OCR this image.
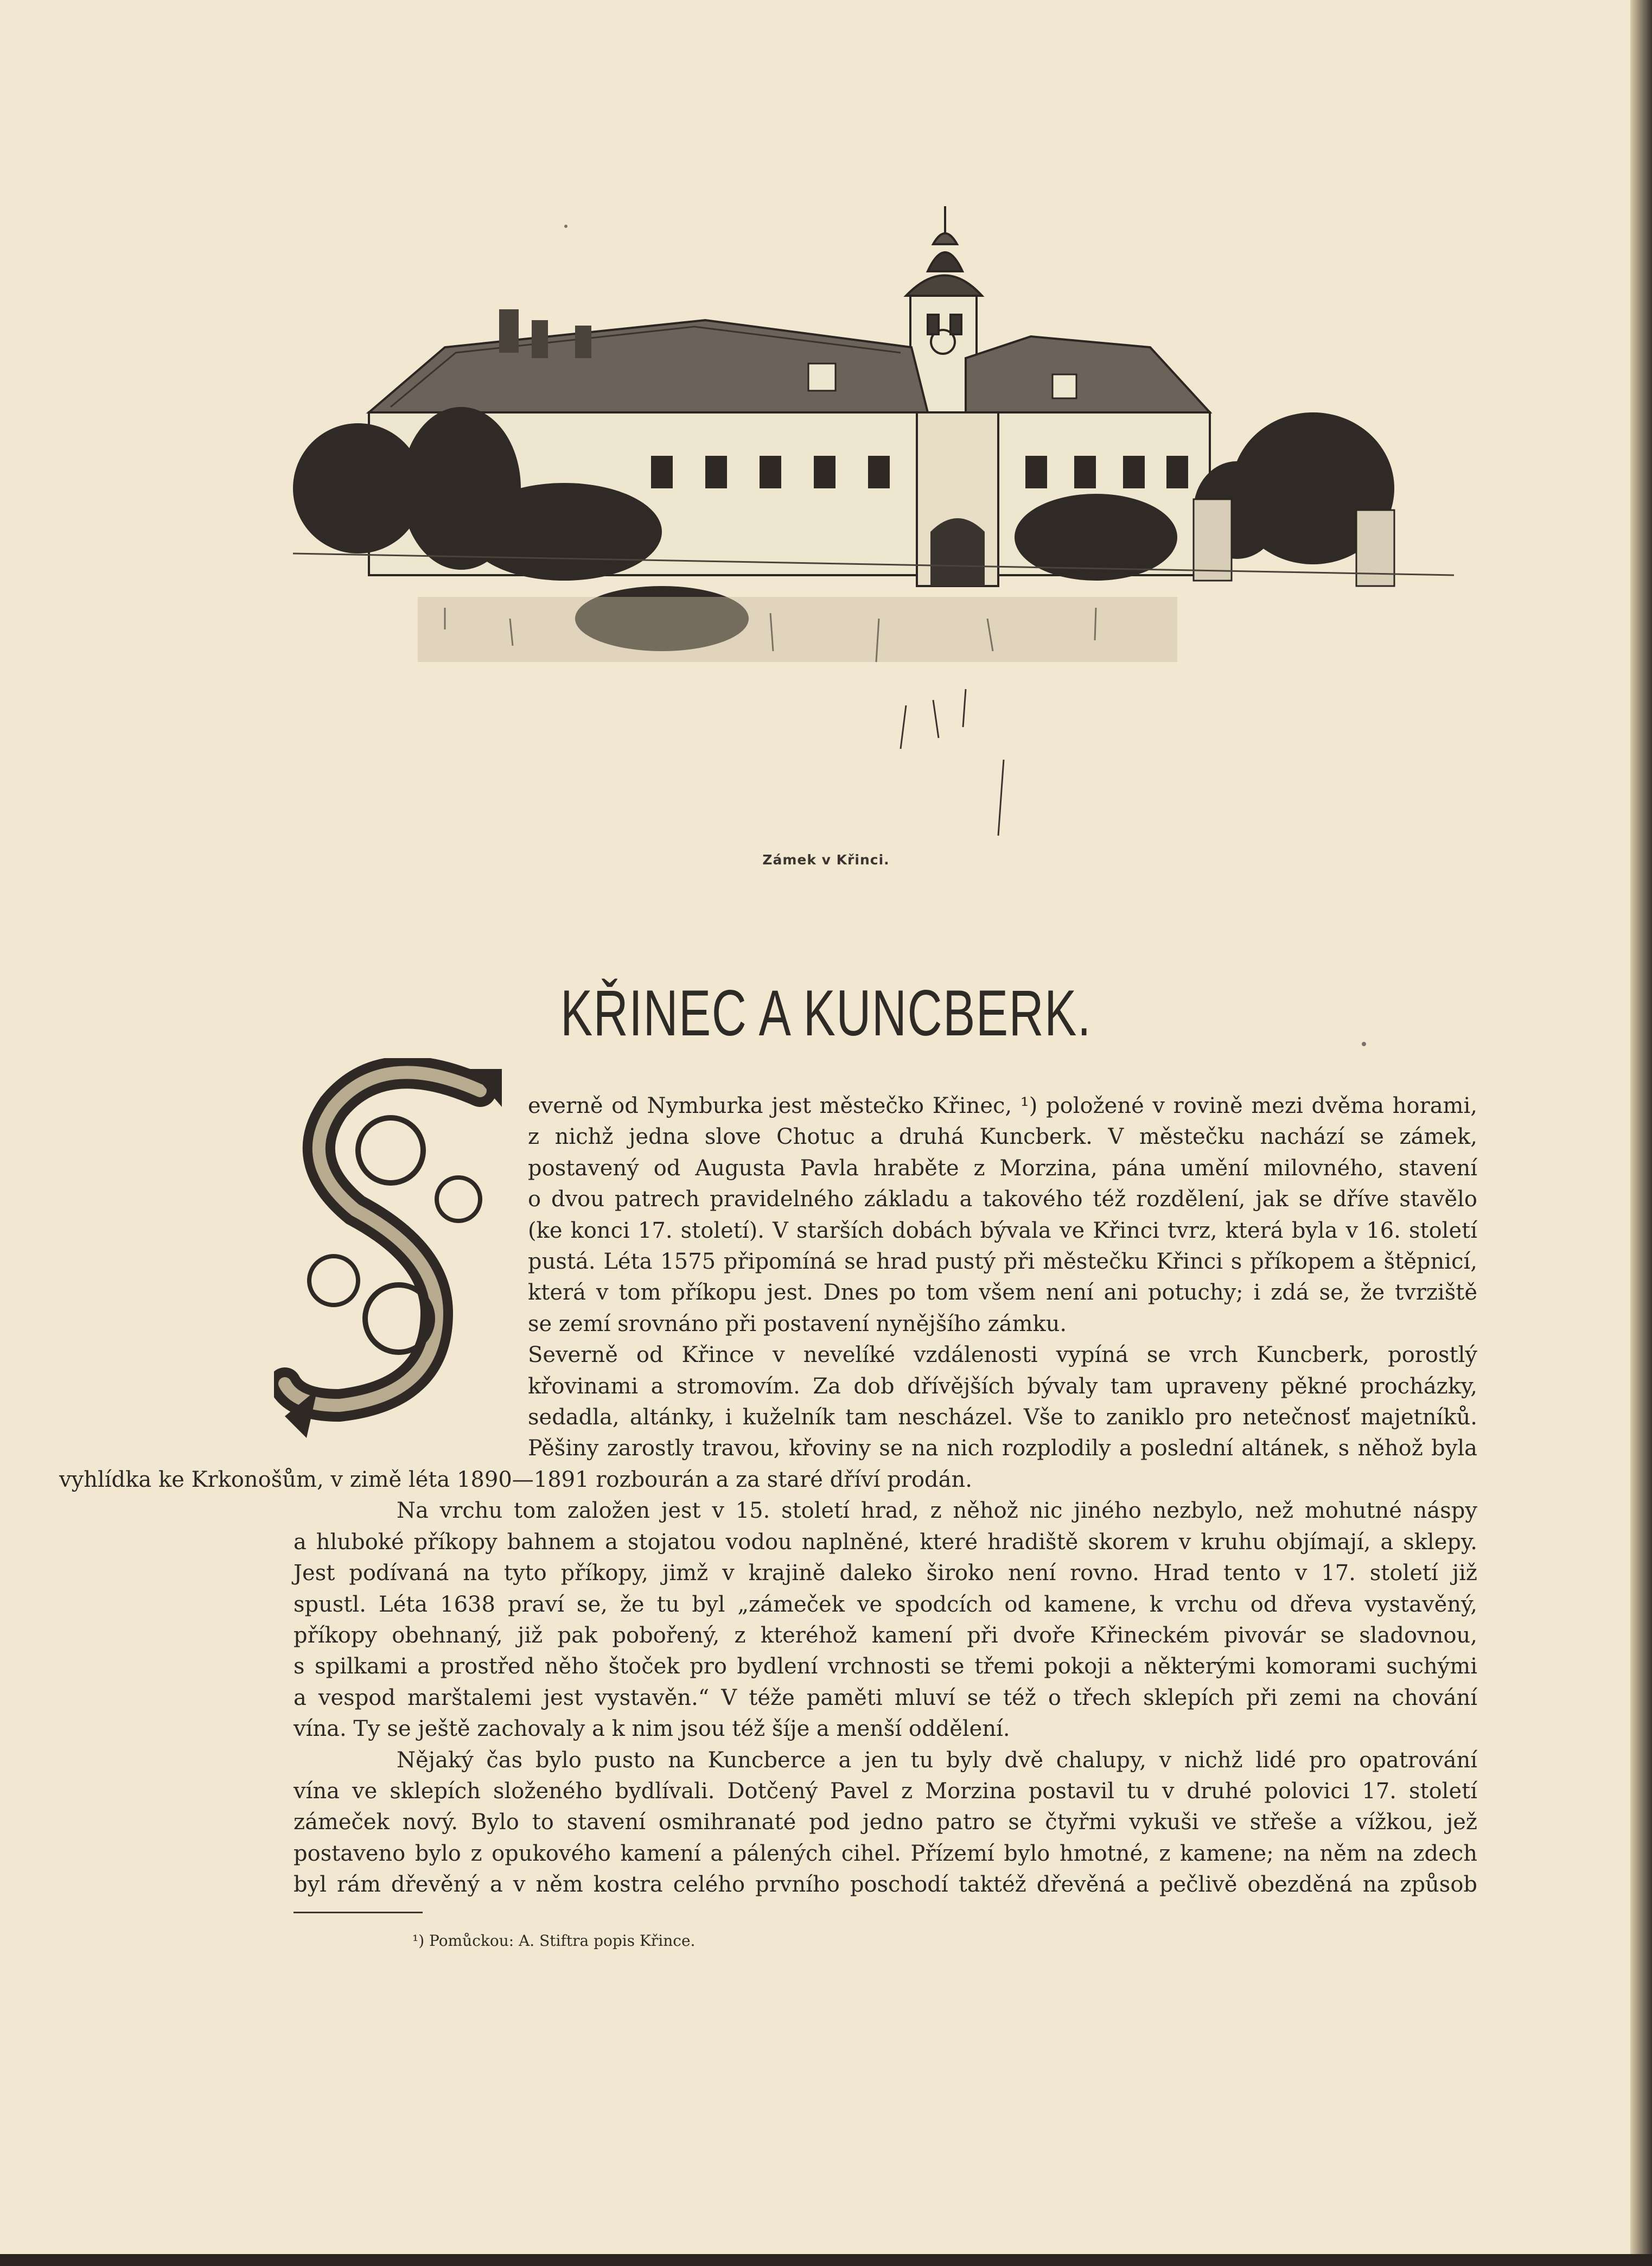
Zámek v Křinci.
KŘINEC A KUNCBERK.

everně od Nymburka jest městečko Křinec, ¹) položené v rovině mezi dvěma horami,
z nichž jedna slove Chotuc a druhá Kuncberk. V městečku nachází se zámek,
postavený od Augusta Pavla hraběte z Morzina, pána umění milovného, stavení
o dvou patrech pravidelného základu a takového též rozdělení, jak se dříve stavělo
(ke konci 17. století). V starších dobách bývala ve Křinci tvrz, která byla v 16. století
pustá. Léta 1575 připomíná se hrad pustý při městečku Křinci s příkopem a štěpnicí,
která v tom příkopu jest. Dnes po tom všem není ani potuchy; i zdá se, že tvrziště
se zemí srovnáno při postavení nynějšího zámku.

Severně od Křince v nevelíké vzdálenosti vypíná se vrch Kuncberk, porostlý
křovinami a stromovím. Za dob dřívějších bývaly tam upraveny pěkné procházky,
sedadla, altánky, i kuželník tam nescházel. Vše to zaniklo pro netečnosť majetníků.
Pěšiny zarostly travou, křoviny se na nich rozplodily a poslední altánek, s něhož byla
vyhlídka ke Krkonošům, v zimě léta 1890—1891 rozbourán a za staré dříví prodán.

Na vrchu tom založen jest v 15. století hrad, z něhož nic jiného nezbylo, než mohutné náspy
a hluboké příkopy bahnem a stojatou vodou naplněné, které hradiště skorem v kruhu objímají, a sklepy.
Jest podívaná na tyto příkopy, jimž v krajině daleko široko není rovno. Hrad tento v 17. století již
spustl. Léta 1638 praví se, že tu byl „zámeček ve spodcích od kamene, k vrchu od dřeva vystavěný,
příkopy obehnaný, již pak pobořený, z kteréhož kamení při dvoře Křineckém pivovár se sladovnou,
s spilkami a prostřed něho štoček pro bydlení vrchnosti se třemi pokoji a některými komorami suchými
a vespod marštalemi jest vystavěn.“ V téže paměti mluví se též o třech sklepích při zemi na chování
vína. Ty se ještě zachovaly a k nim jsou též šíje a menší oddělení.

Nějaký čas bylo pusto na Kuncberce a jen tu byly dvě chalupy, v nichž lidé pro opatrování
vína ve sklepích složeného bydlívali. Dotčený Pavel z Morzina postavil tu v druhé polovici 17. století
zámeček nový. Bylo to stavení osmihranaté pod jedno patro se čtyřmi vykuši ve střeše a vížkou, jež
postaveno bylo z opukového kamení a pálených cihel. Přízemí bylo hmotné, z kamene; na něm na zdech
byl rám dřevěný a v něm kostra celého prvního poschodí taktéž dřevěná a pečlivě obezděná na způsob

¹) Pomůckou: A. Stiftra popis Křince.
